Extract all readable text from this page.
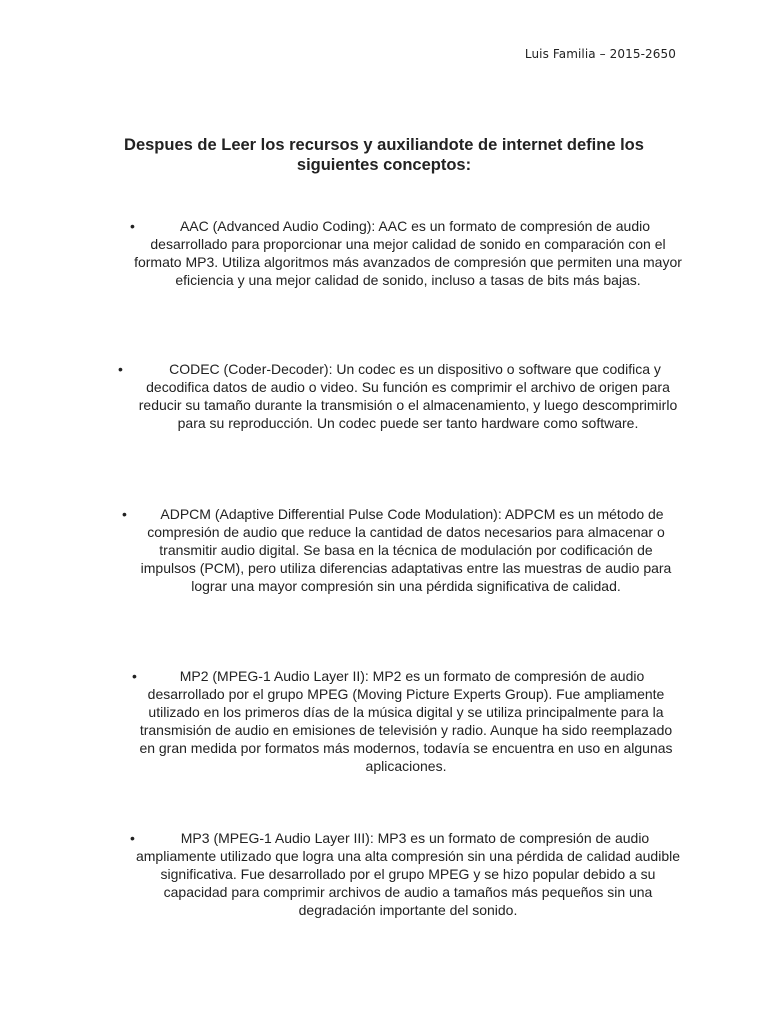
Luis Familia – 2015-2650
Despues de Leer los recursos y auxiliandote de internet define los siguientes conceptos:
•	AAC (Advanced Audio Coding): AAC es un formato de compresión de audio desarrollado para proporcionar una mejor calidad de sonido en comparación con el formato MP3. Utiliza algoritmos más avanzados de compresión que permiten una mayor eficiencia y una mejor calidad de sonido, incluso a tasas de bits más bajas.

•	CODEC (Coder-Decoder): Un codec es un dispositivo o software que codifica y decodifica datos de audio o video. Su función es comprimir el archivo de origen para reducir su tamaño durante la transmisión o el almacenamiento, y luego descomprimirlo para su reproducción. Un codec puede ser tanto hardware como software.

•	ADPCM (Adaptive Differential Pulse Code Modulation): ADPCM es un método de compresión de audio que reduce la cantidad de datos necesarios para almacenar o transmitir audio digital. Se basa en la técnica de modulación por codificación de impulsos (PCM), pero utiliza diferencias adaptativas entre las muestras de audio para lograr una mayor compresión sin una pérdida significativa de calidad.

•	MP2 (MPEG-1 Audio Layer II): MP2 es un formato de compresión de audio desarrollado por el grupo MPEG (Moving Picture Experts Group). Fue ampliamente utilizado en los primeros días de la música digital y se utiliza principalmente para la transmisión de audio en emisiones de televisión y radio. Aunque ha sido reemplazado en gran medida por formatos más modernos, todavía se encuentra en uso en algunas aplicaciones.

•	MP3 (MPEG-1 Audio Layer III): MP3 es un formato de compresión de audio ampliamente utilizado que logra una alta compresión sin una pérdida de calidad audible significativa. Fue desarrollado por el grupo MPEG y se hizo popular debido a su capacidad para comprimir archivos de audio a tamaños más pequeños sin una degradación importante del sonido.
